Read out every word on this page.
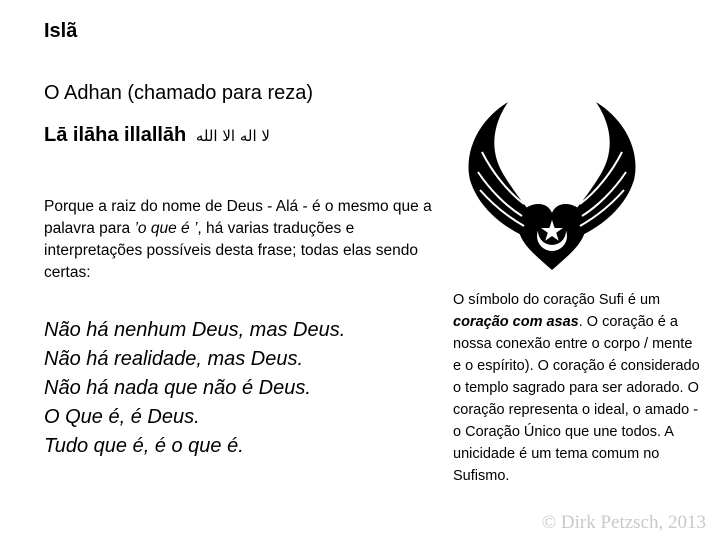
Islã
O Adhan (chamado para reza)
Lā ilāha illallāh لا اله الا الله
Porque a raiz do nome de Deus - Alá - é o mesmo que a palavra para ’o que é ’, há varias traduções e interpretações possíveis desta frase; todas elas sendo certas:
Não há nenhum Deus, mas Deus.
Não há realidade, mas Deus.
Não há nada que não é Deus.
O Que é, é Deus.
Tudo que é, é o que é.
O símbolo do coração Sufi é um coração com asas. O coração é a nossa conexão entre o corpo / mente e o espírito). O coração é considerado o templo sagrado para ser adorado. O coração representa o ideal, o amado - o Coração Único que une todos. A unicidade é um tema comum no Sufismo.
© Dirk Petzsch, 2013
